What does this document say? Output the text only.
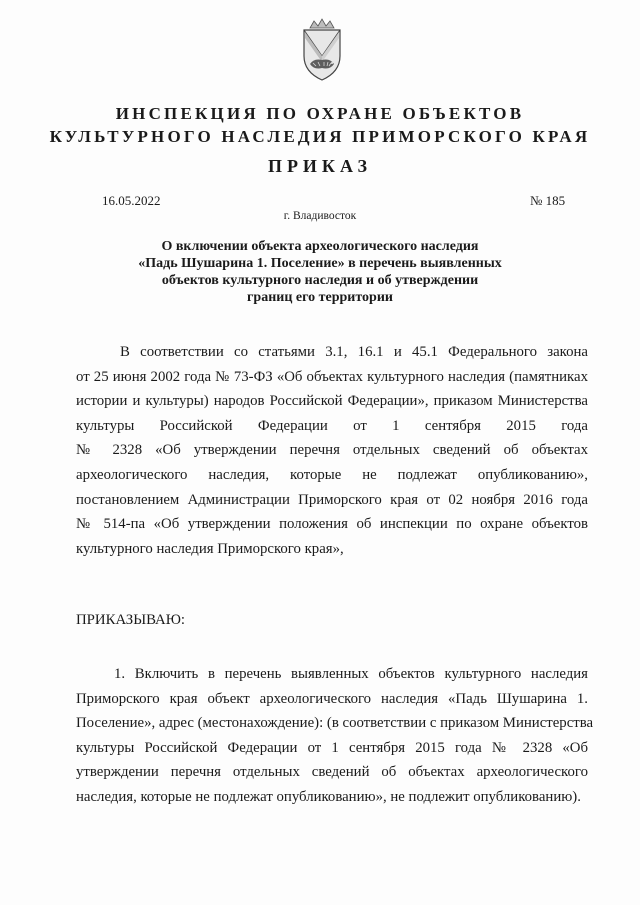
ИНСПЕКЦИЯ ПО ОХРАНЕ ОБЪЕКТОВ
КУЛЬТУРНОГО НАСЛЕДИЯ ПРИМОРСКОГО КРАЯ
ПРИКАЗ
16.05.2022	№ 185
г. Владивосток
О включении объекта археологического наследия
«Падь Шушарина 1. Поселение» в перечень выявленных
объектов культурного наследия и об утверждении
границ его территории
В соответствии со статьями 3.1, 16.1 и 45.1 Федерального закона
от 25 июня 2002 года № 73-ФЗ «Об объектах культурного наследия (памятниках
истории и культуры) народов Российской Федерации», приказом Министерства
культуры Российской Федерации от 1 сентября 2015 года
№ 2328 «Об утверждении перечня отдельных сведений об объектах
археологического наследия, которые не подлежат опубликованию»,
постановлением Администрации Приморского края от 02 ноября 2016 года
№ 514-па «Об утверждении положения об инспекции по охране объектов
культурного наследия Приморского края»,
ПРИКАЗЫВАЮ:
1. Включить в перечень выявленных объектов культурного наследия
Приморского края объект археологического наследия «Падь Шушарина 1.
Поселение», адрес (местонахождение): (в соответствии с приказом Министерства
культуры Российской Федерации от 1 сентября 2015 года № 2328 «Об
утверждении перечня отдельных сведений об объектах археологического
наследия, которые не подлежат опубликованию», не подлежит опубликованию).
